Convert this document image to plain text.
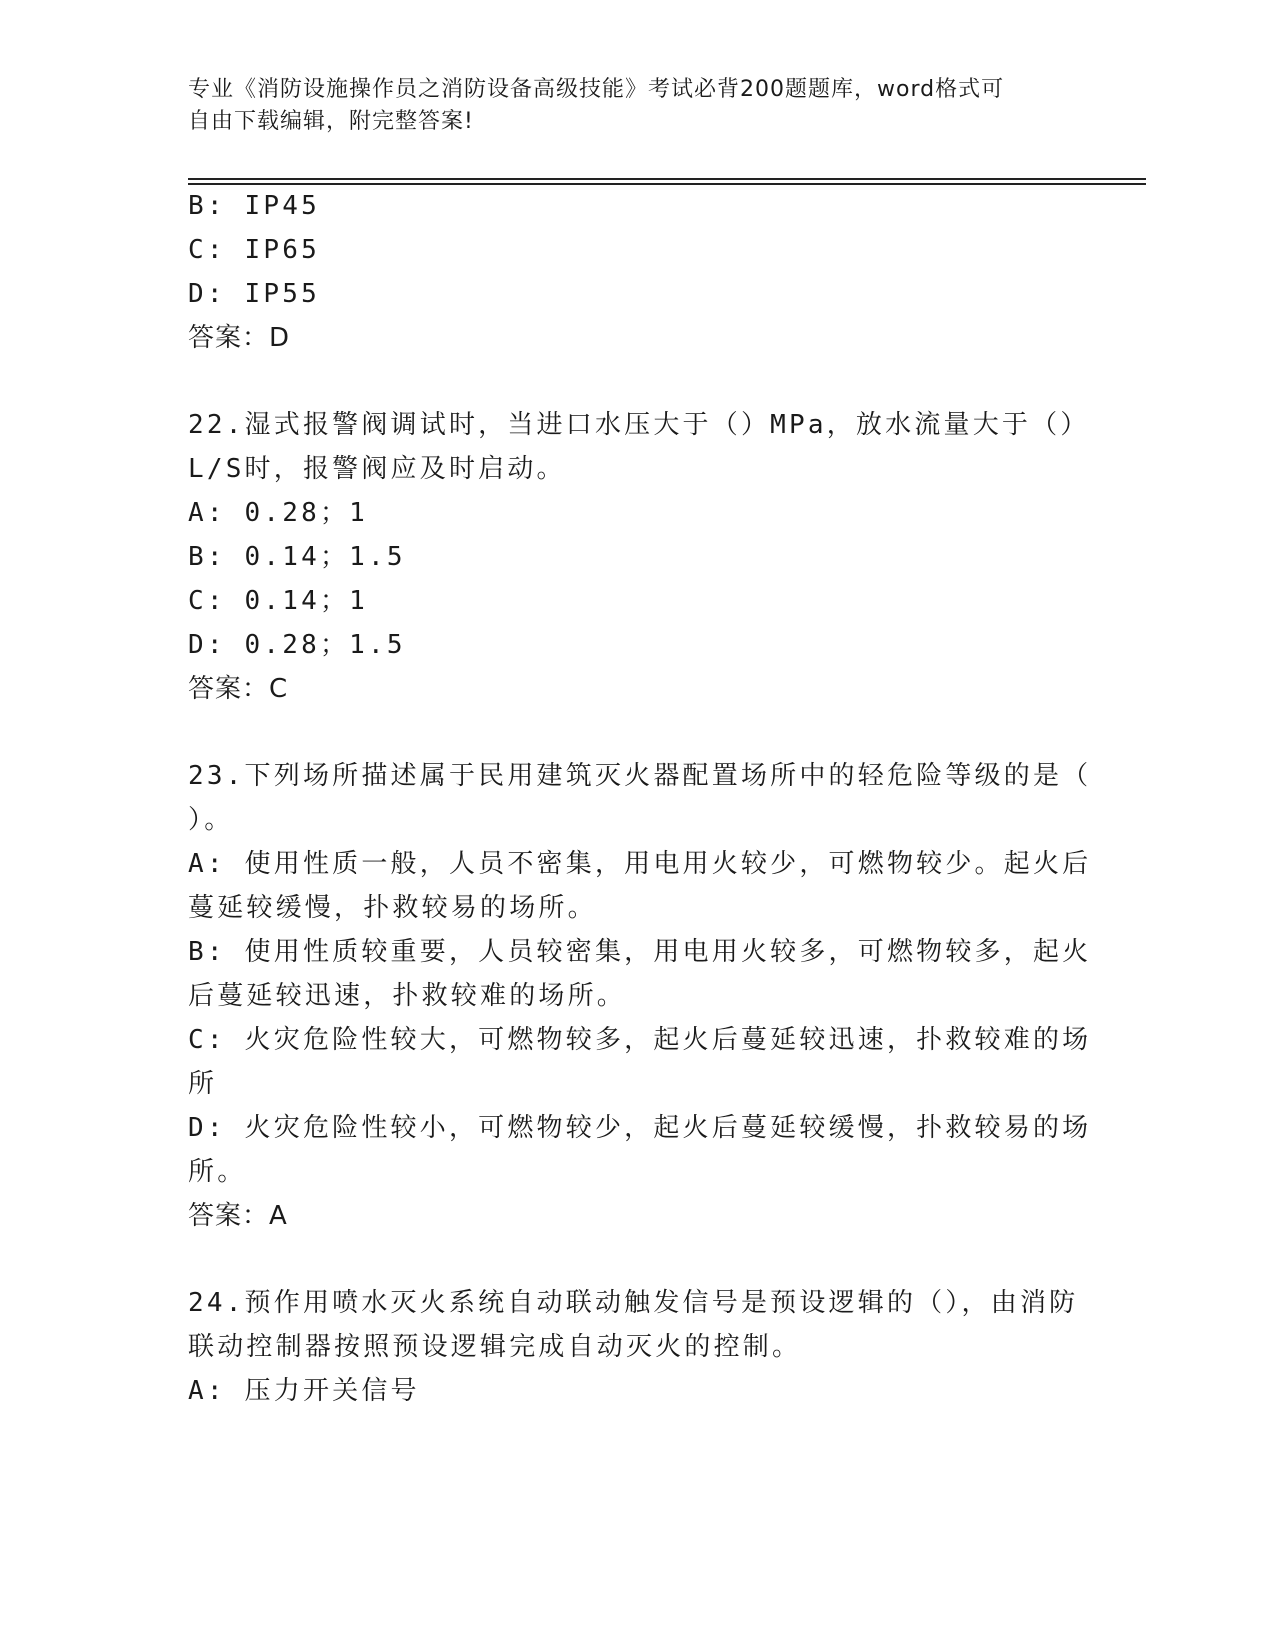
专业《消防设施操作员之消防设备高级技能》考试必背200题题库，word格式可
自由下载编辑，附完整答案!
B: IP45
C: IP65
D: IP55
答案：D
22.湿式报警阀调试时，当进口水压大于（）MPa，放水流量大于（）
L/S时，报警阀应及时启动。
A: 0.28；1
B: 0.14；1.5
C: 0.14；1
D: 0.28；1.5
答案：C
23.下列场所描述属于民用建筑灭火器配置场所中的轻危险等级的是（
）。
A: 使用性质一般，人员不密集，用电用火较少，可燃物较少。起火后
蔓延较缓慢，扑救较易的场所。
B: 使用性质较重要，人员较密集，用电用火较多，可燃物较多，起火
后蔓延较迅速，扑救较难的场所。
C: 火灾危险性较大，可燃物较多，起火后蔓延较迅速，扑救较难的场
所
D: 火灾危险性较小，可燃物较少，起火后蔓延较缓慢，扑救较易的场
所。
答案：A
24.预作用喷水灭火系统自动联动触发信号是预设逻辑的（），由消防
联动控制器按照预设逻辑完成自动灭火的控制。
A: 压力开关信号
